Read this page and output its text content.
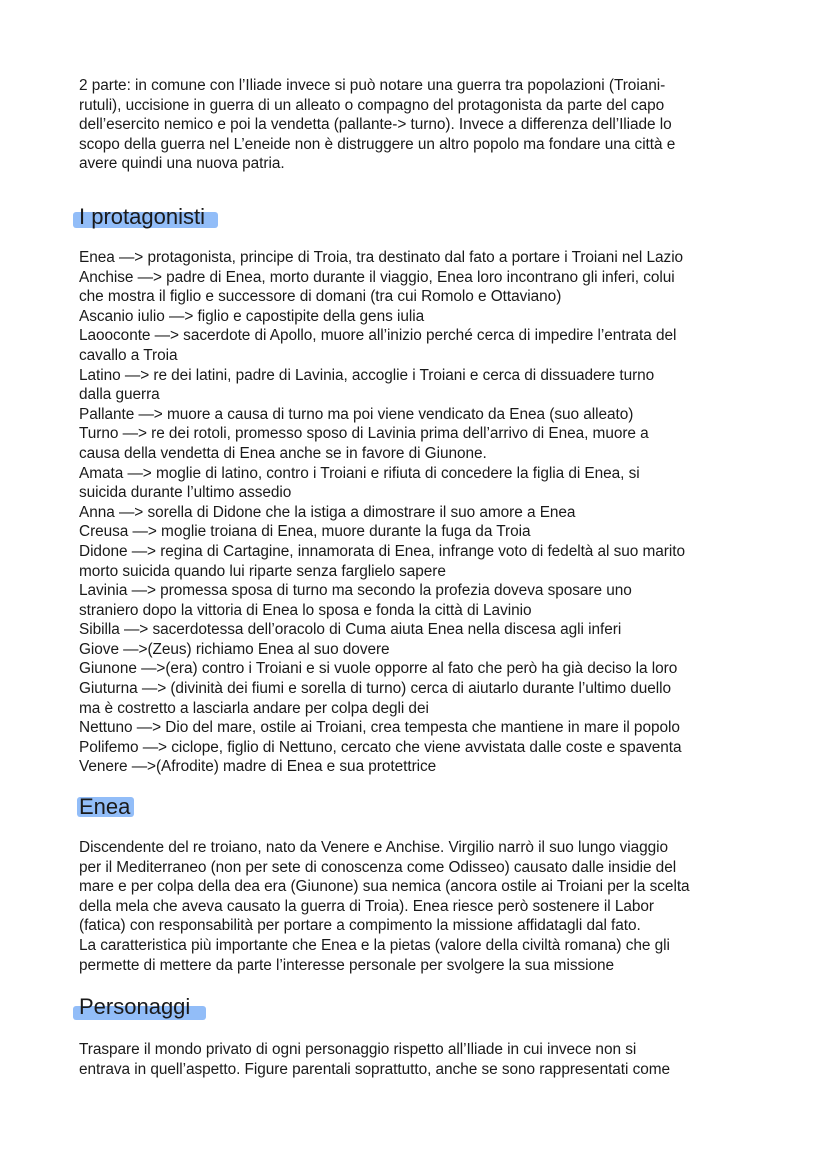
2 parte: in comune con l’Iliade invece si può notare una guerra tra popolazioni (Troiani-
rutuli), uccisione in guerra di un alleato o compagno del protagonista da parte del capo
dell’esercito nemico e poi la vendetta (pallante-> turno). Invece a differenza dell’Iliade lo
scopo della guerra nel L’eneide non è distruggere un altro popolo ma fondare una città e
avere quindi una nuova patria.
I protagonisti
Enea —> protagonista, principe di Troia, tra destinato dal fato a portare i Troiani nel Lazio
Anchise —> padre di Enea, morto durante il viaggio, Enea loro incontrano gli inferi, colui
che mostra il figlio e successore di domani (tra cui Romolo e Ottaviano)
Ascanio iulio —> figlio e capostipite della gens iulia
Laooconte —> sacerdote di Apollo, muore all’inizio perché cerca di impedire l’entrata del
cavallo a Troia
Latino —> re dei latini, padre di Lavinia, accoglie i Troiani e cerca di dissuadere turno
dalla guerra
Pallante —> muore a causa di turno ma poi viene vendicato da Enea (suo alleato)
Turno —> re dei rotoli, promesso sposo di Lavinia prima dell’arrivo di Enea, muore a
causa della vendetta di Enea anche se in favore di Giunone.
Amata —> moglie di latino, contro i Troiani e rifiuta di concedere la figlia di Enea, si
suicida durante l’ultimo assedio
Anna —> sorella di Didone che la istiga a dimostrare il suo amore a Enea
Creusa —> moglie troiana di Enea, muore durante la fuga da Troia
Didone —> regina di Cartagine, innamorata di Enea, infrange voto di fedeltà al suo marito
morto suicida quando lui riparte senza farglielo sapere
Lavinia —> promessa sposa di turno ma secondo la profezia doveva sposare uno
straniero dopo la vittoria di Enea lo sposa e fonda la città di Lavinio
Sibilla —> sacerdotessa dell’oracolo di Cuma aiuta Enea nella discesa agli inferi
Giove —>(Zeus) richiamo Enea al suo dovere
Giunone —>(era) contro i Troiani e si vuole opporre al fato che però ha già deciso la loro
Giuturna —> (divinità dei fiumi e sorella di turno) cerca di aiutarlo durante l’ultimo duello
ma è costretto a lasciarla andare per colpa degli dei
Nettuno —> Dio del mare, ostile ai Troiani, crea tempesta che mantiene in mare il popolo
Polifemo —> ciclope, figlio di Nettuno, cercato che viene avvistata dalle coste e spaventa
Venere —>(Afrodite) madre di Enea e sua protettrice
Enea
Discendente del re troiano, nato da Venere e Anchise. Virgilio narrò il suo lungo viaggio
per il Mediterraneo (non per sete di conoscenza come Odisseo) causato dalle insidie del
mare e per colpa della dea era (Giunone) sua nemica (ancora ostile ai Troiani per la scelta
della mela che aveva causato la guerra di Troia). Enea riesce però sostenere il Labor
(fatica) con responsabilità per portare a compimento la missione affidatagli dal fato.
La caratteristica più importante che Enea e la pietas (valore della civiltà romana) che gli
permette di mettere da parte l’interesse personale per svolgere la sua missione
Personaggi
Traspare il mondo privato di ogni personaggio rispetto all’Iliade in cui invece non si
entrava in quell’aspetto. Figure parentali soprattutto, anche se sono rappresentati come
